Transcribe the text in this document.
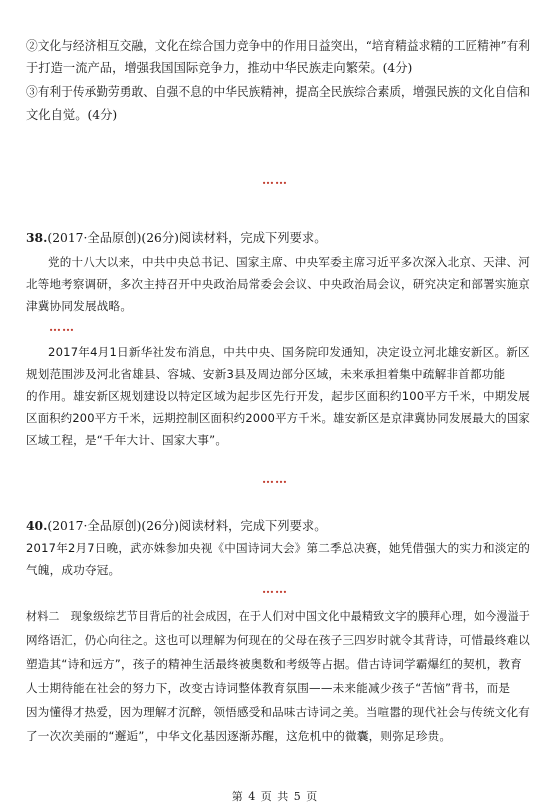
②文化与经济相互交融，文化在综合国力竞争中的作用日益突出，“培育精益求精的工匠精神”有利
于打造一流产品，增强我国国际竞争力，推动中华民族走向繁荣。(4分)
③有利于传承勤劳勇敢、自强不息的中华民族精神，提高全民族综合素质，增强民族的文化自信和
文化自觉。(4分)
……
38.(2017·全品原创)(26分)阅读材料，完成下列要求。
党的十八大以来，中共中央总书记、国家主席、中央军委主席习近平多次深入北京、天津、河
北等地考察调研，多次主持召开中央政治局常委会会议、中央政治局会议，研究决定和部署实施京
津冀协同发展战略。
……
2017年4月1日新华社发布消息，中共中央、国务院印发通知，决定设立河北雄安新区。新区
规划范围涉及河北省雄县、容城、安新3县及周边部分区域，未来承担着集中疏解非首都功能
的作用。雄安新区规划建设以特定区域为起步区先行开发，起步区面积约100平方千米，中期发展
区面积约200平方千米，远期控制区面积约2000平方千米。雄安新区是京津冀协同发展最大的国家
区域工程，是“千年大计、国家大事”。
……
40.(2017·全品原创)(26分)阅读材料，完成下列要求。
2017年2月7日晚，武亦姝参加央视《中国诗词大会》第二季总决赛，她凭借强大的实力和淡定的
气魄，成功夺冠。
……
材料二　现象级综艺节目背后的社会成因，在于人们对中国文化中最精致文字的膜拜心理，如今漫溢于
网络语汇，仍心向往之。这也可以理解为何现在的父母在孩子三四岁时就令其背诗，可惜最终难以
塑造其“诗和远方”，孩子的精神生活最终被奥数和考级等占据。借古诗词学霸爆红的契机，教育
人士期待能在社会的努力下，改变古诗词整体教育氛围——未来能减少孩子“苦恼”背书，而是
因为懂得才热爱，因为理解才沉醉，领悟感受和品味古诗词之美。当喧嚣的现代社会与传统文化有
了一次次美丽的“邂逅”，中华文化基因逐渐苏醒，这危机中的微囊，则弥足珍贵。
第 4 页 共 5 页
